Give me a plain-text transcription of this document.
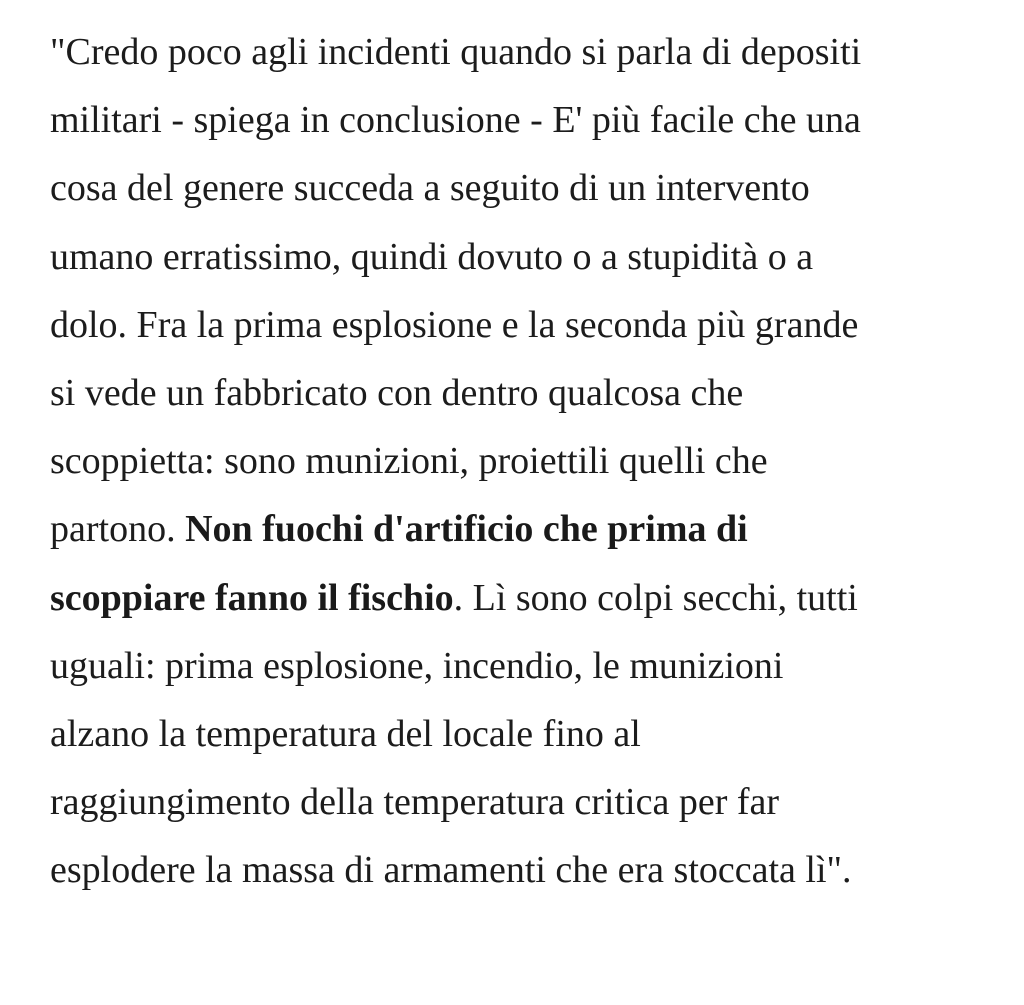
"Credo poco agli incidenti quando si parla di depositi
militari - spiega in conclusione - E' più facile che una
cosa del genere succeda a seguito di un intervento
umano erratissimo, quindi dovuto o a stupidità o a
dolo. Fra la prima esplosione e la seconda più grande
si vede un fabbricato con dentro qualcosa che
scoppietta: sono munizioni, proiettili quelli che
partono. Non fuochi d'artificio che prima di
scoppiare fanno il fischio. Lì sono colpi secchi, tutti
uguali: prima esplosione, incendio, le munizioni
alzano la temperatura del locale fino al
raggiungimento della temperatura critica per far
esplodere la massa di armamenti che era stoccata lì".
